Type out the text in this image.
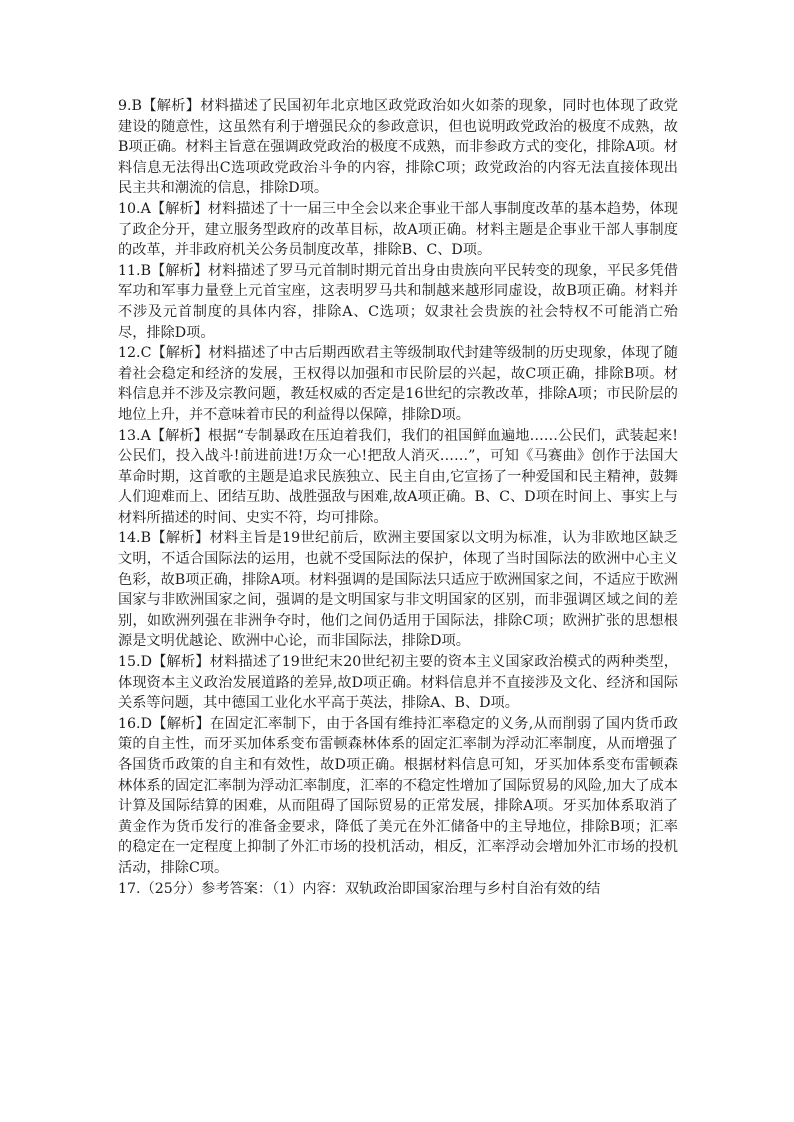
9.B【解析】材料描述了民国初年北京地区政党政治如火如荼的现象，同时也体现了政党建设的随意性，这虽然有利于增强民众的参政意识，但也说明政党政治的极度不成熟，故B项正确。材料主旨意在强调政党政治的极度不成熟，而非参政方式的变化，排除A项。材料信息无法得出C选项政党政治斗争的内容，排除C项；政党政治的内容无法直接体现出民主共和潮流的信息，排除D项。

10.A【解析】材料描述了十一届三中全会以来企事业干部人事制度改革的基本趋势，体现了政企分开，建立服务型政府的改革目标，故A项正确。材料主题是企事业干部人事制度的改革，并非政府机关公务员制度改革，排除B、C、D项。

11.B【解析】材料描述了罗马元首制时期元首出身由贵族向平民转变的现象，平民多凭借军功和军事力量登上元首宝座，这表明罗马共和制越来越形同虚设，故B项正确。材料并不涉及元首制度的具体内容，排除A、C选项；奴隶社会贵族的社会特权不可能消亡殆尽，排除D项。

12.C【解析】材料描述了中古后期西欧君主等级制取代封建等级制的历史现象，体现了随着社会稳定和经济的发展，王权得以加强和市民阶层的兴起，故C项正确，排除B项。材料信息并不涉及宗教问题，教廷权威的否定是16世纪的宗教改革，排除A项；市民阶层的地位上升，并不意味着市民的利益得以保障，排除D项。

13.A【解析】根据“专制暴政在压迫着我们，我们的祖国鲜血遍地……公民们，武装起来!公民们，投入战斗!前进前进!万众一心!把敌人消灭……”，可知《马赛曲》创作于法国大革命时期，这首歌的主题是追求民族独立、民主自由,它宣扬了一种爱国和民主精神，鼓舞人们迎难而上、团结互助、战胜强敌与困难,故A项正确。B、C、D项在时间上、事实上与材料所描述的时间、史实不符，均可排除。

14.B【解析】材料主旨是19世纪前后，欧洲主要国家以文明为标准，认为非欧地区缺乏文明，不适合国际法的运用，也就不受国际法的保护，体现了当时国际法的欧洲中心主义色彩，故B项正确，排除A项。材料强调的是国际法只适应于欧洲国家之间，不适应于欧洲国家与非欧洲国家之间，强调的是文明国家与非文明国家的区别，而非强调区域之间的差别，如欧洲列强在非洲争夺时，他们之间仍适用于国际法，排除C项；欧洲扩张的思想根源是文明优越论、欧洲中心论，而非国际法，排除D项。

15.D【解析】材料描述了19世纪末20世纪初主要的资本主义国家政治模式的两种类型，体现资本主义政治发展道路的差异,故D项正确。材料信息并不直接涉及文化、经济和国际关系等问题，其中德国工业化水平高于英法，排除A、B、D项。

16.D【解析】在固定汇率制下，由于各国有维持汇率稳定的义务,从而削弱了国内货币政策的自主性，而牙买加体系变布雷顿森林体系的固定汇率制为浮动汇率制度，从而增强了各国货币政策的自主和有效性，故D项正确。根据材料信息可知，牙买加体系变布雷顿森林体系的固定汇率制为浮动汇率制度，汇率的不稳定性增加了国际贸易的风险,加大了成本计算及国际结算的困难，从而阻碍了国际贸易的正常发展，排除A项。牙买加体系取消了黄金作为货币发行的准备金要求，降低了美元在外汇储备中的主导地位，排除B项；汇率的稳定在一定程度上抑制了外汇市场的投机活动，相反，汇率浮动会增加外汇市场的投机活动，排除C项。

17.（25分）参考答案：（1）内容：双轨政治即国家治理与乡村自治有效的结
